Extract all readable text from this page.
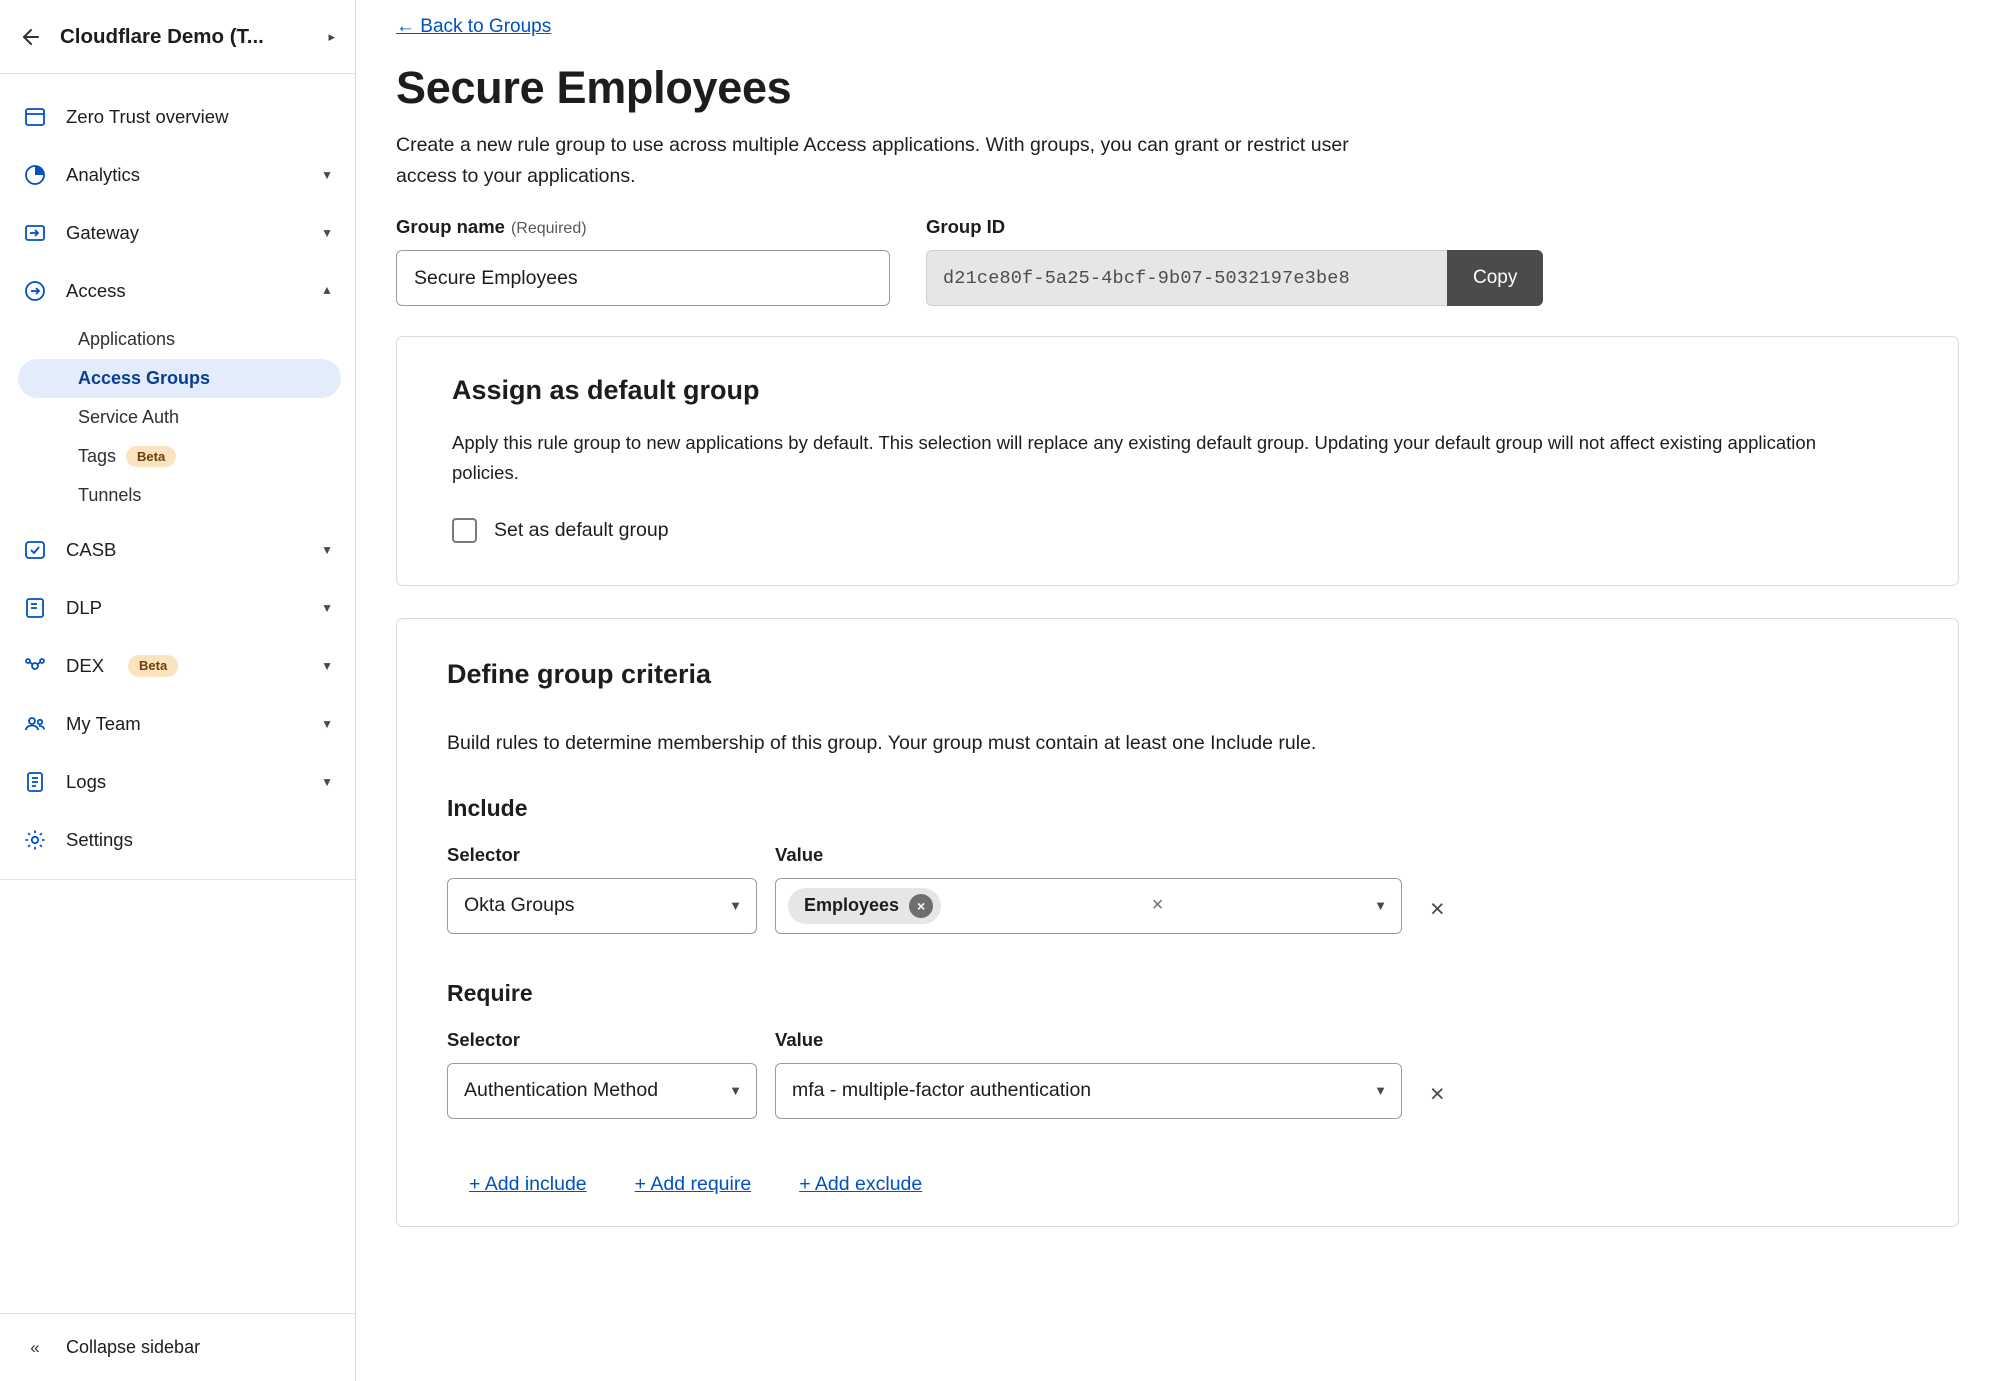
Cloudflare Demo (T...	▸
Zero Trust overview
Analytics	▼
Gateway	▼
Access	▼
Applications
Access Groups
Service Auth
Tags	Beta
Tunnels
CASB	▼
DLP	▼
DEX	Beta	▼
My Team	▼
Logs	▼
Settings
«	Collapse sidebar
← Back to Groups
Secure Employees

Create a new rule group to use across multiple Access applications. With groups, you can grant or restrict user access to your applications.

Group name (Required)
Secure Employees	Group ID
d21ce80f-5a25-4bcf-9b07-5032197e3be8	Copy
Assign as default group

Apply this rule group to new applications by default. This selection will replace any existing default group. Updating your default group will not affect existing application policies.

Set as default group
Define group criteria

Build rules to determine membership of this group. Your group must contain at least one Include rule.

Include
Selector
Okta Groups	▼
Value
Employees	×	×	▼	×
Require
Selector
Authentication Method	▼
Value
mfa - multiple-factor authentication	▼	×
+ Add include + Add require + Add exclude
